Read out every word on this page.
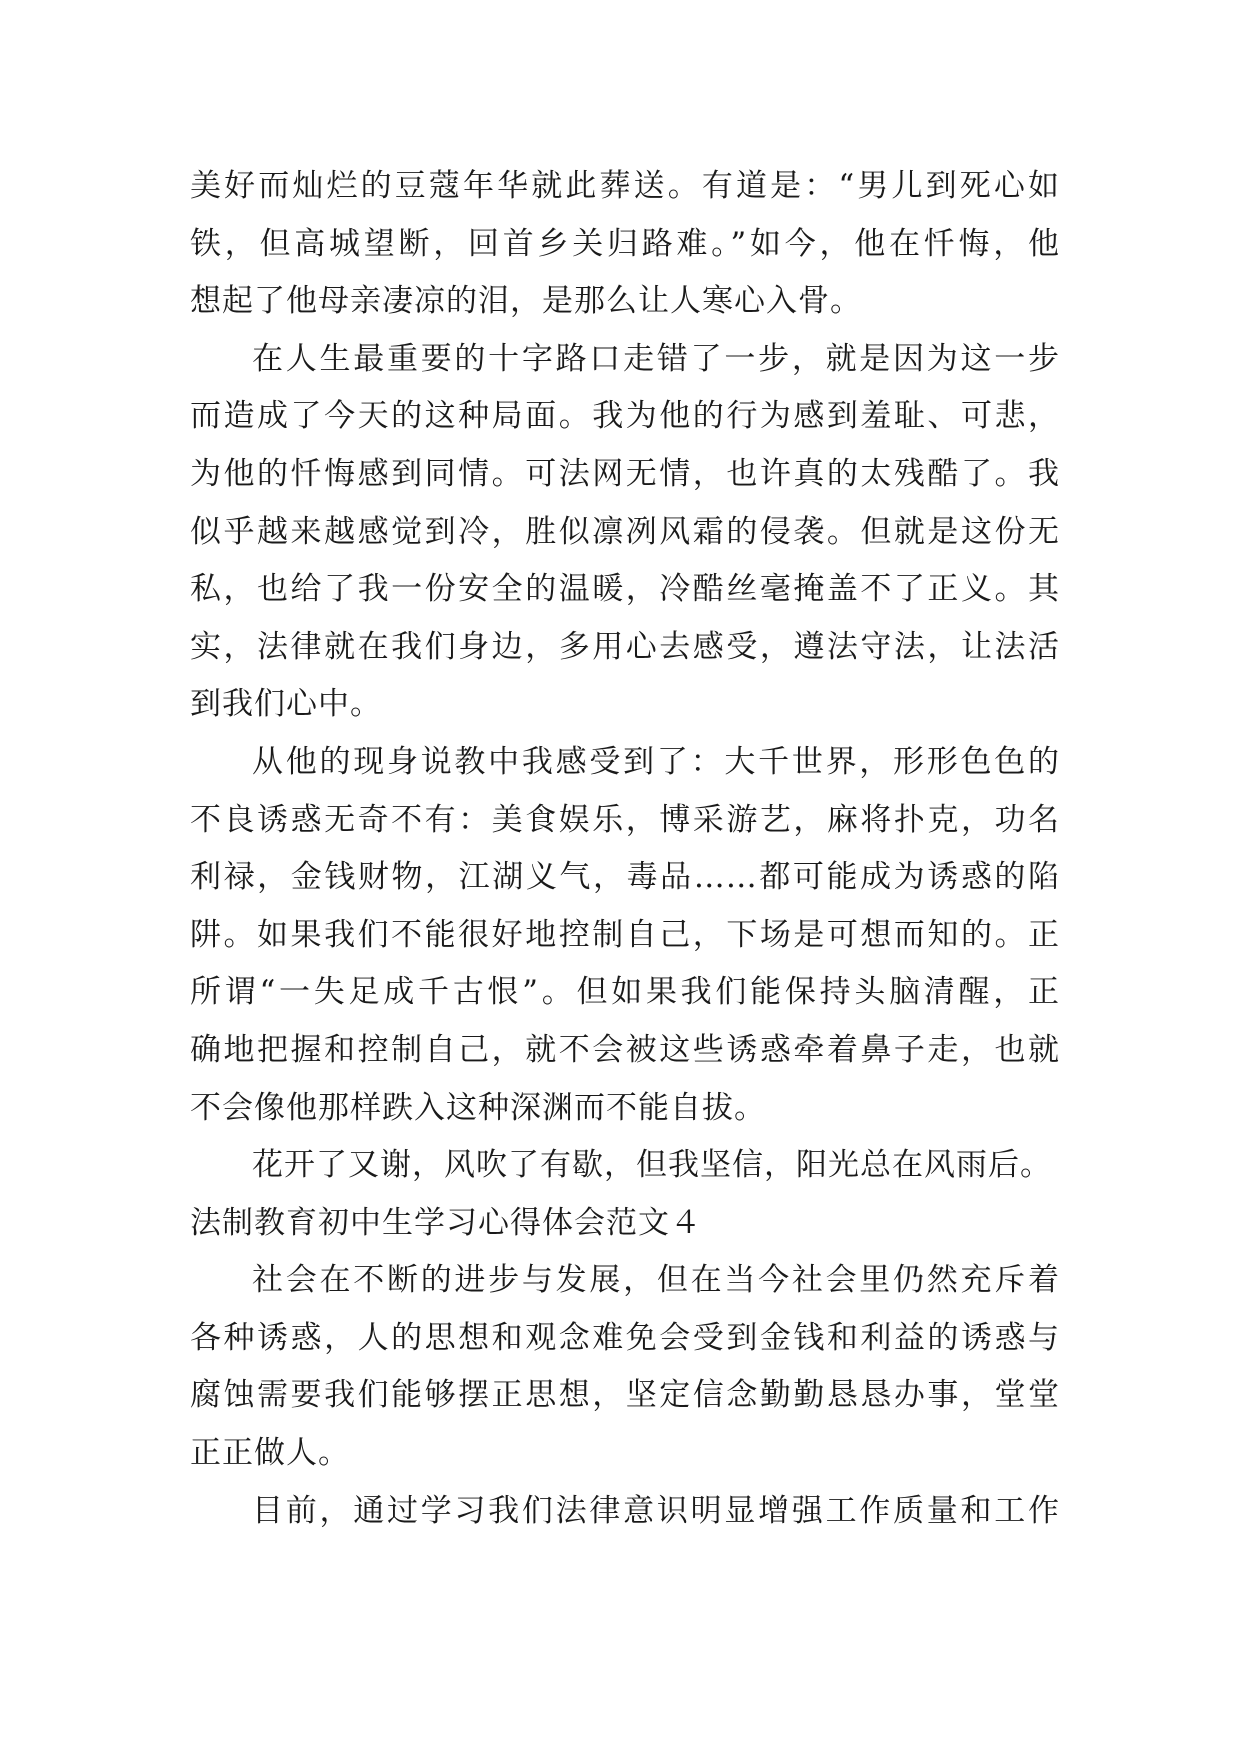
美好而灿烂的豆蔻年华就此葬送。有道是：“男儿到死心如
铁，但高城望断，回首乡关归路难。”如今，他在忏悔，他
想起了他母亲凄凉的泪，是那么让人寒心入骨。
在人生最重要的十字路口走错了一步，就是因为这一步
而造成了今天的这种局面。我为他的行为感到羞耻、可悲，
为他的忏悔感到同情。可法网无情，也许真的太残酷了。我
似乎越来越感觉到冷，胜似凛冽风霜的侵袭。但就是这份无
私，也给了我一份安全的温暖，冷酷丝毫掩盖不了正义。其
实，法律就在我们身边，多用心去感受，遵法守法，让法活
到我们心中。
从他的现身说教中我感受到了：大千世界，形形色色的
不良诱惑无奇不有：美食娱乐，博采游艺，麻将扑克，功名
利禄，金钱财物，江湖义气，毒品……都可能成为诱惑的陷
阱。如果我们不能很好地控制自己，下场是可想而知的。正
所谓“一失足成千古恨”。但如果我们能保持头脑清醒，正
确地把握和控制自己，就不会被这些诱惑牵着鼻子走，也就
不会像他那样跌入这种深渊而不能自拔。
花开了又谢，风吹了有歇，但我坚信，阳光总在风雨后。
法制教育初中生学习心得体会范文４
社会在不断的进步与发展，但在当今社会里仍然充斥着
各种诱惑，人的思想和观念难免会受到金钱和利益的诱惑与
腐蚀需要我们能够摆正思想，坚定信念勤勤恳恳办事，堂堂
正正做人。
目前，通过学习我们法律意识明显增强工作质量和工作
